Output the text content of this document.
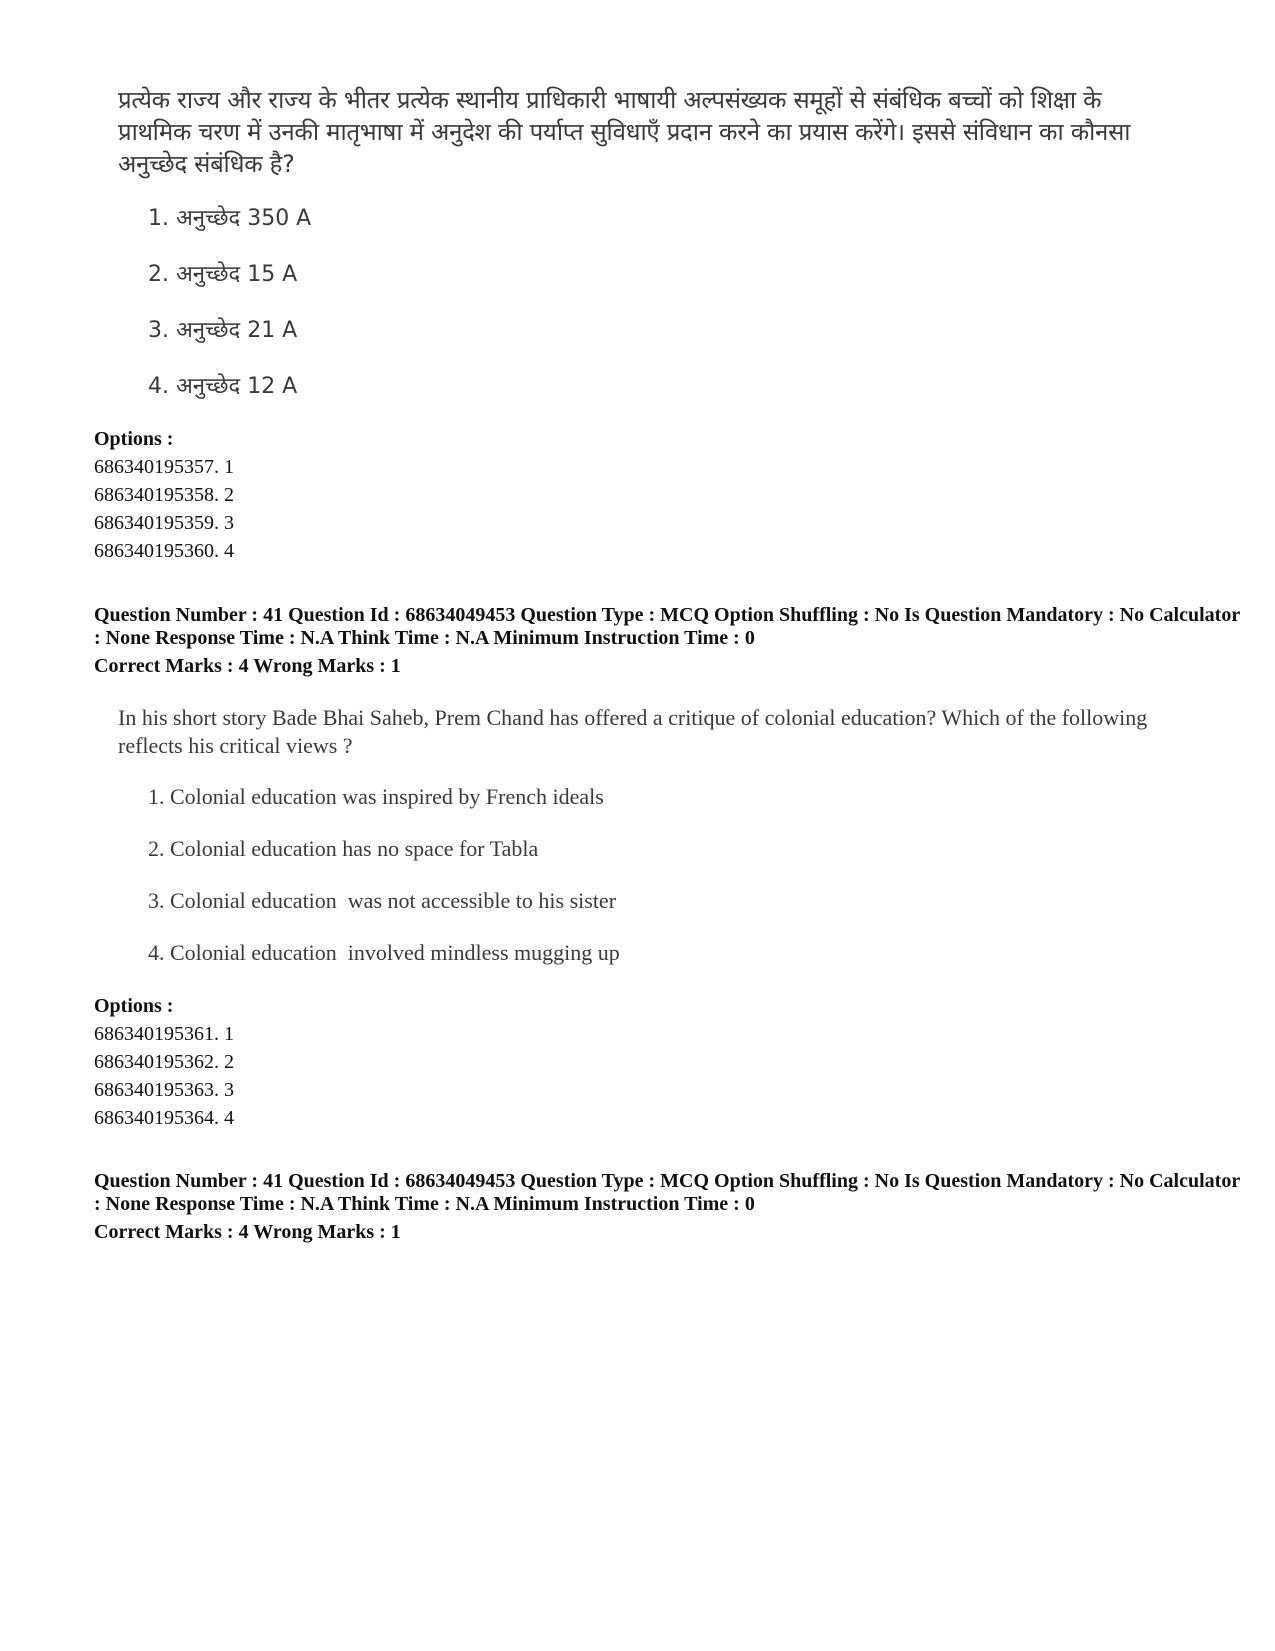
प्रत्येक राज्य और राज्य के भीतर प्रत्येक स्थानीय प्राधिकारी भाषायी अल्पसंख्यक समूहों से संबंधिक बच्चों को शिक्षा के प्राथमिक चरण में उनकी मातृभाषा में अनुदेश की पर्याप्त सुविधाएँ प्रदान करने का प्रयास करेंगे। इससे संविधान का कौनसा अनुच्छेद संबंधिक है?

1. अनुच्छेद 350 A
2. अनुच्छेद 15 A
3. अनुच्छेद 21 A
4. अनुच्छेद 12 A
Options :
686340195357. 1
686340195358. 2
686340195359. 3
686340195360. 4
Question Number : 41 Question Id : 68634049453 Question Type : MCQ Option Shuffling : No Is Question Mandatory : No Calculator : None Response Time : N.A Think Time : N.A Minimum Instruction Time : 0
Correct Marks : 4 Wrong Marks : 1

In his short story Bade Bhai Saheb, Prem Chand has offered a critique of colonial education? Which of the following reflects his critical views ?

1. Colonial education was inspired by French ideals
2. Colonial education has no space for Tabla
3. Colonial education  was not accessible to his sister
4. Colonial education  involved mindless mugging up
Options :
686340195361. 1
686340195362. 2
686340195363. 3
686340195364. 4
Question Number : 41 Question Id : 68634049453 Question Type : MCQ Option Shuffling : No Is Question Mandatory : No Calculator : None Response Time : N.A Think Time : N.A Minimum Instruction Time : 0
Correct Marks : 4 Wrong Marks : 1
